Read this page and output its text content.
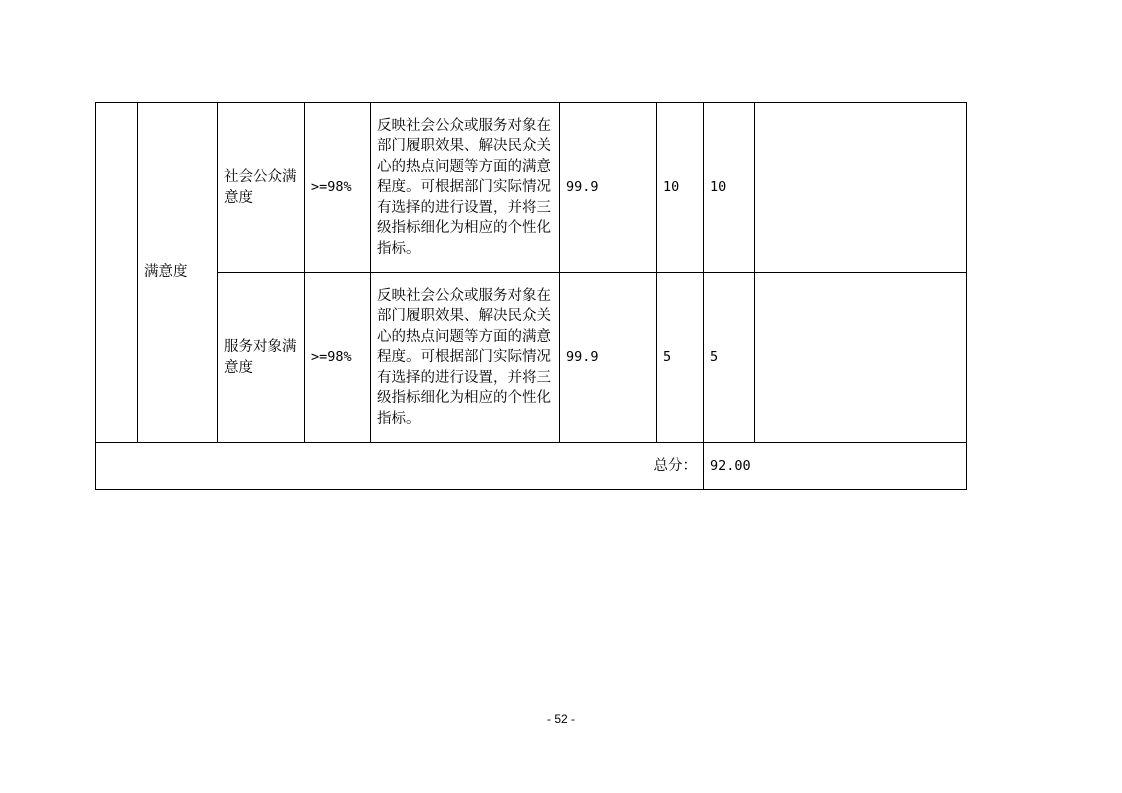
	满意度	社会公众满意度	>=98%	反映社会公众或服务对象在部门履职效果、解决民众关心的热点问题等方面的满意程度。可根据部门实际情况有选择的进行设置，并将三级指标细化为相应的个性化指标。	99.9	10	10	
		服务对象满意度	>=98%	反映社会公众或服务对象在部门履职效果、解决民众关心的热点问题等方面的满意程度。可根据部门实际情况有选择的进行设置，并将三级指标细化为相应的个性化指标。	99.9	5	5	
总分：							92.00	
- 52 -
